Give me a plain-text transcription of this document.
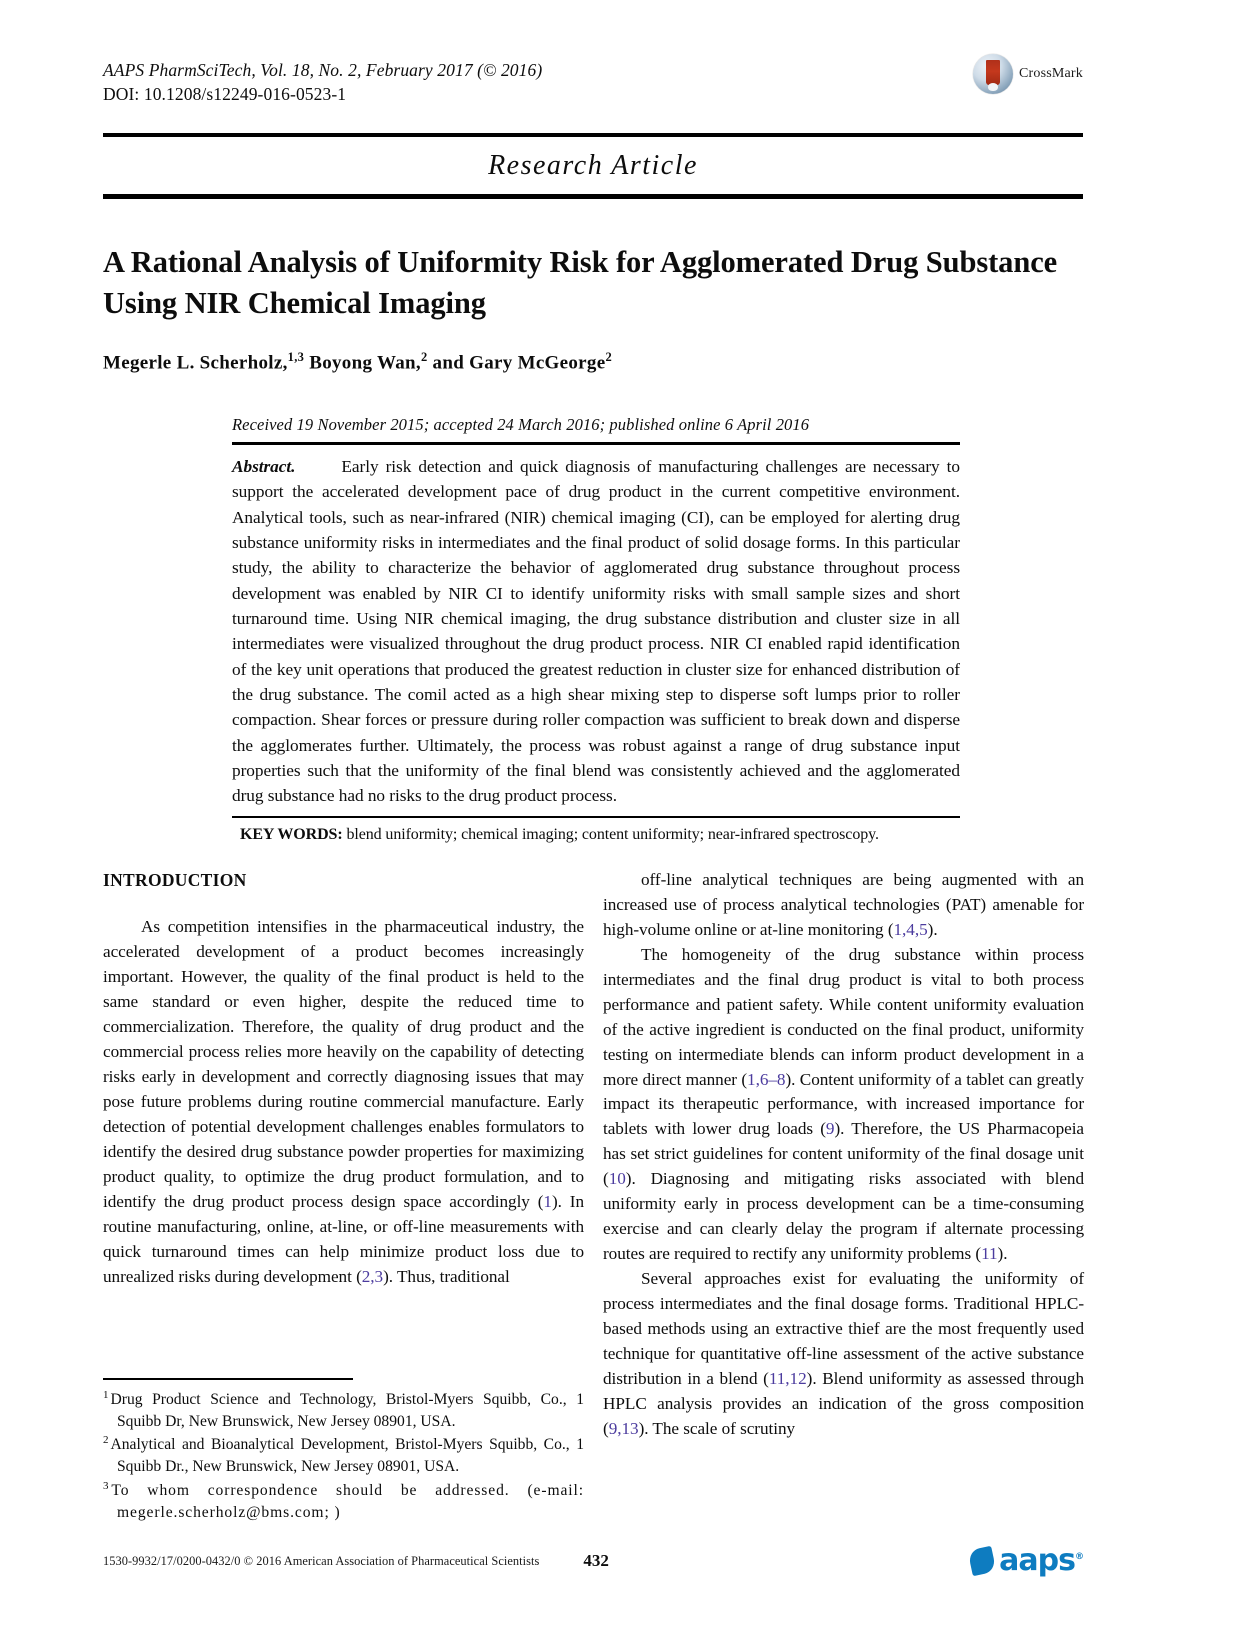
AAPS PharmSciTech, Vol. 18, No. 2, February 2017 (© 2016)
DOI: 10.1208/s12249-016-0523-1
CrossMark
Research Article
A Rational Analysis of Uniformity Risk for Agglomerated Drug Substance Using NIR Chemical Imaging
Megerle L. Scherholz,$^{1,3}$ Boyong Wan,$^2$ and Gary McGeorge$^2$
Received 19 November 2015; accepted 24 March 2016; published online 6 April 2016
Abstract.	Early risk detection and quick diagnosis of manufacturing challenges are necessary to support the accelerated development pace of drug product in the current competitive environment. Analytical tools, such as near-infrared (NIR) chemical imaging (CI), can be employed for alerting drug substance uniformity risks in intermediates and the final product of solid dosage forms. In this particular study, the ability to characterize the behavior of agglomerated drug substance throughout process development was enabled by NIR CI to identify uniformity risks with small sample sizes and short turnaround time. Using NIR chemical imaging, the drug substance distribution and cluster size in all intermediates were visualized throughout the drug product process. NIR CI enabled rapid identification of the key unit operations that produced the greatest reduction in cluster size for enhanced distribution of the drug substance. The comil acted as a high shear mixing step to disperse soft lumps prior to roller compaction. Shear forces or pressure during roller compaction was sufficient to break down and disperse the agglomerates further. Ultimately, the process was robust against a range of drug substance input properties such that the uniformity of the final blend was consistently achieved and the agglomerated drug substance had no risks to the drug product process.
KEY WORDS: blend uniformity; chemical imaging; content uniformity; near-infrared spectroscopy.
INTRODUCTION

As competition intensifies in the pharmaceutical industry, the accelerated development of a product becomes increasingly important. However, the quality of the final product is held to the same standard or even higher, despite the reduced time to commercialization. Therefore, the quality of drug product and the commercial process relies more heavily on the capability of detecting risks early in development and correctly diagnosing issues that may pose future problems during routine commercial manufacture. Early detection of potential development challenges enables formulators to identify the desired drug substance powder properties for maximizing product quality, to optimize the drug product formulation, and to identify the drug product process design space accordingly (1). In routine manufacturing, online, at-line, or off-line measurements with quick turnaround times can help minimize product loss due to unrealized risks during development (2,3). Thus, traditional

off-line analytical techniques are being augmented with an increased use of process analytical technologies (PAT) amenable for high-volume online or at-line monitoring (1,4,5).

The homogeneity of the drug substance within process intermediates and the final drug product is vital to both process performance and patient safety. While content uniformity evaluation of the active ingredient is conducted on the final product, uniformity testing on intermediate blends can inform product development in a more direct manner (1,6–8). Content uniformity of a tablet can greatly impact its therapeutic performance, with increased importance for tablets with lower drug loads (9). Therefore, the US Pharmacopeia has set strict guidelines for content uniformity of the final dosage unit (10). Diagnosing and mitigating risks associated with blend uniformity early in process development can be a time-consuming exercise and can clearly delay the program if alternate processing routes are required to rectify any uniformity problems (11).

Several approaches exist for evaluating the uniformity of process intermediates and the final dosage forms. Traditional HPLC-based methods using an extractive thief are the most frequently used technique for quantitative off-line assessment of the active substance distribution in a blend (11,12). Blend uniformity as assessed through HPLC analysis provides an indication of the gross composition (9,13). The scale of scrutiny

$^1$ Drug Product Science and Technology, Bristol-Myers Squibb, Co., 1 Squibb Dr, New Brunswick, New Jersey 08901, USA.
$^2$ Analytical and Bioanalytical Development, Bristol-Myers Squibb, Co., 1 Squibb Dr., New Brunswick, New Jersey 08901, USA.
$^3$ To whom correspondence should be addressed. (e-mail: megerle.scherholz@bms.com; )
1530-9932/17/0200-0432/0 © 2016 American Association of Pharmaceutical Scientists	432	aaps®
